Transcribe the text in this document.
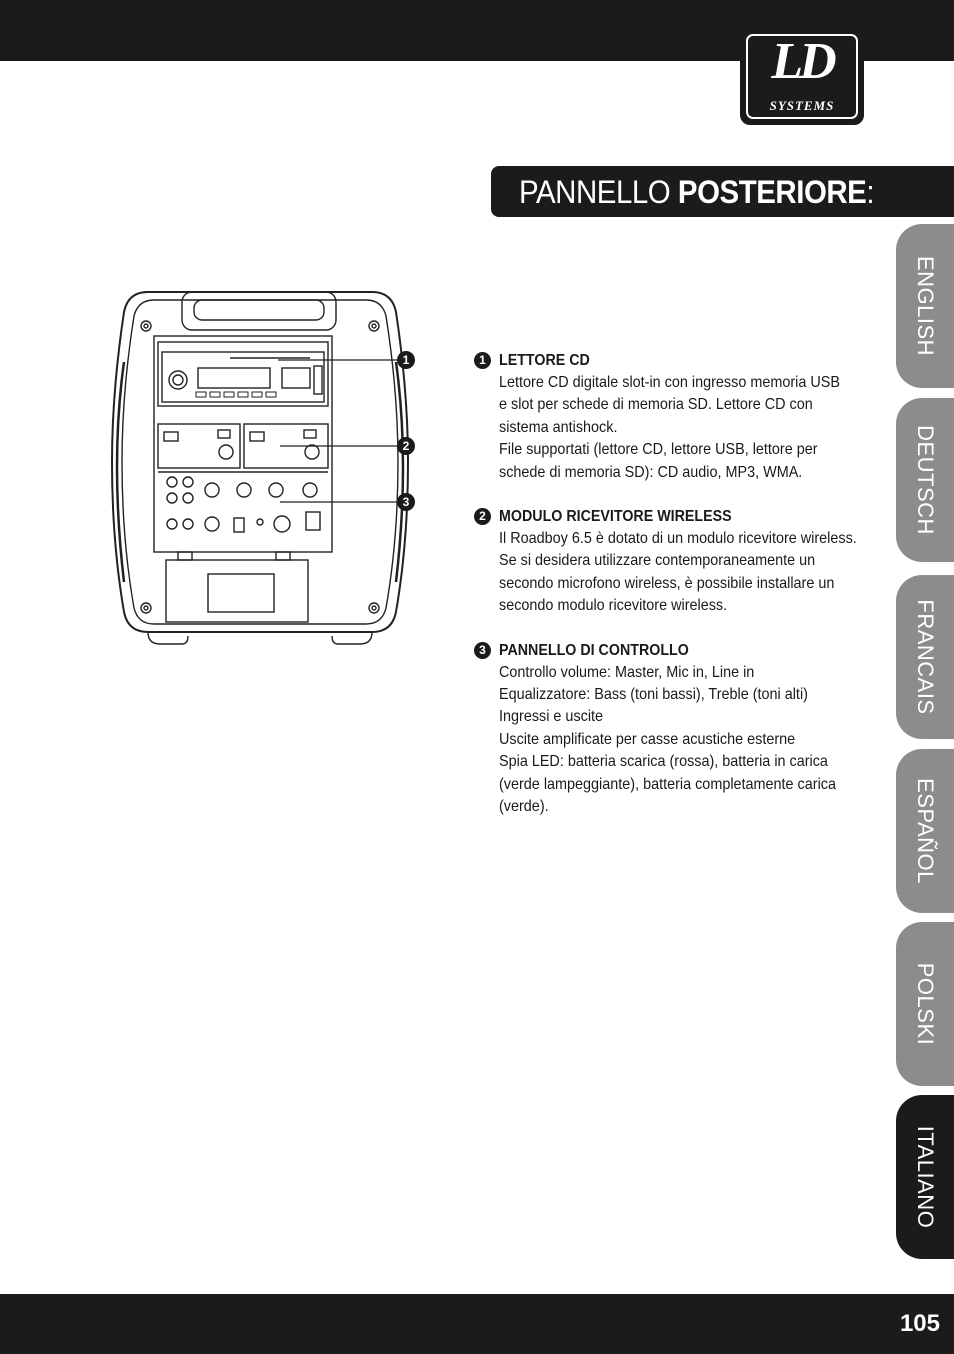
LD
SYSTEMS
PANNELLO POSTERIORE:
ENGLISH
DEUTSCH
FRANCAIS
ESPAÑOL
POLSKI
ITALIANO
1
2
3
1 LETTORE CD
Lettore CD digitale slot-in con ingresso memoria USB
e slot per schede di memoria SD. Lettore CD con
sistema antishock.
File supportati (lettore CD, lettore USB, lettore per
schede di memoria SD): CD audio, MP3, WMA.
2 MODULO RICEVITORE WIRELESS
Il Roadboy 6.5 è dotato di un modulo ricevitore wireless.
Se si desidera utilizzare contemporaneamente un
secondo microfono wireless, è possibile installare un
secondo modulo ricevitore wireless.
3 PANNELLO DI CONTROLLO
Controllo volume: Master, Mic in, Line in
Equalizzatore: Bass (toni bassi), Treble (toni alti)
Ingressi e uscite
Uscite amplificate per casse acustiche esterne
Spia LED: batteria scarica (rossa), batteria in carica
(verde lampeggiante), batteria completamente carica
(verde).
105
